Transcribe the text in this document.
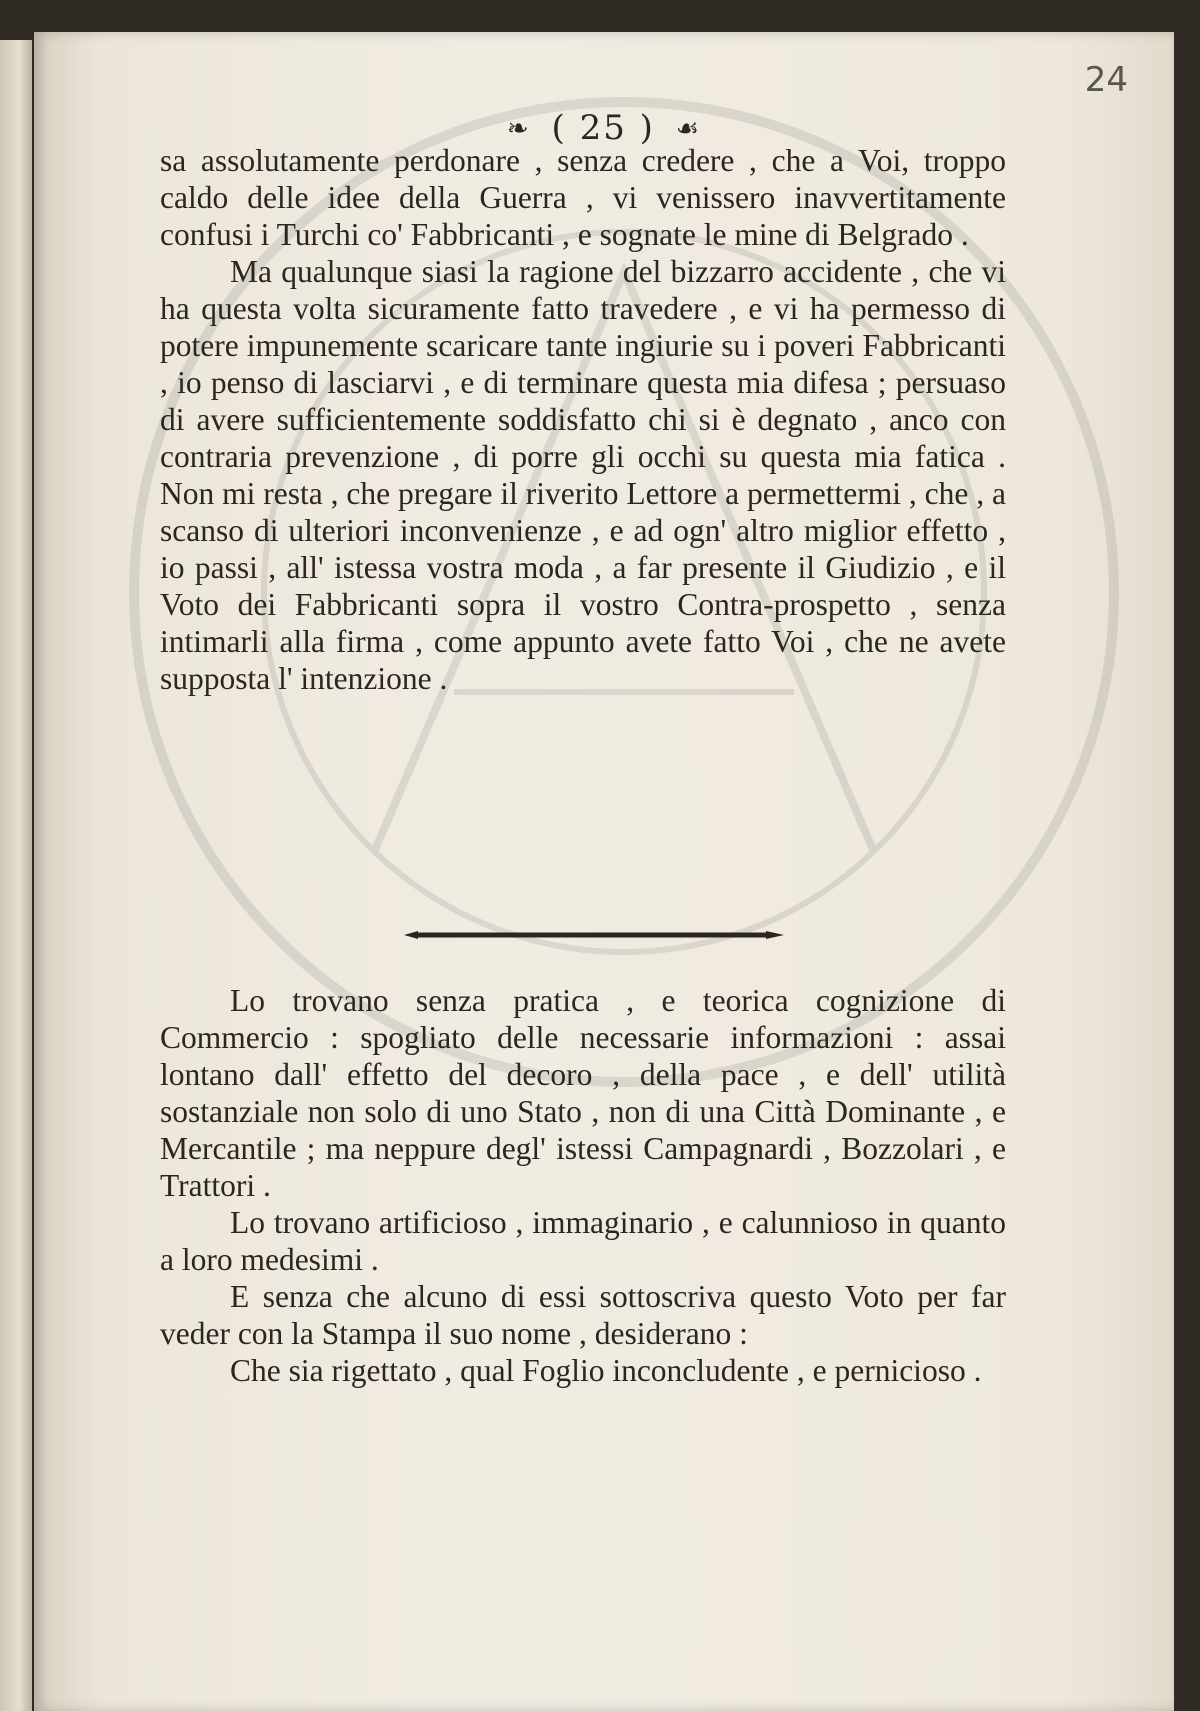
24
❧ ( 25 ) ☙

sa assolutamente perdonare , senza credere , che a Voi, troppo caldo delle idee della Guerra , vi venissero inavvertitamente confusi i Turchi co' Fabbricanti , e sognate le mine di Belgrado .

Ma qualunque siasi la ragione del bizzarro accidente , che vi ha questa volta sicuramente fatto travedere , e vi ha permesso di potere impunemente scaricare tante ingiurie su i poveri Fabbricanti , io penso di lasciarvi , e di terminare questa mia difesa ; persuaso di avere sufficientemente soddisfatto chi si è degnato , anco con contraria prevenzione , di porre gli occhi su questa mia fatica . Non mi resta , che pregare il riverito Lettore a permettermi , che , a scanso di ulteriori inconvenienze , e ad ogn' altro miglior effetto , io passi , all' istessa vostra moda , a far presente il Giudizio , e il Voto dei Fabbricanti sopra il vostro Contra-prospetto , senza intimarli alla firma , come appunto avete fatto Voi , che ne avete supposta l' intenzione .

Lo trovano senza pratica , e teorica cognizione di Commercio : spogliato delle necessarie informazioni : assai lontano dall' effetto del decoro , della pace , e dell' utilità sostanziale non solo di uno Stato , non di una Città Dominante , e Mercantile ; ma neppure degl' istessi Campagnardi , Bozzolari , e Trattori .

Lo trovano artificioso , immaginario , e calunnioso in quanto a loro medesimi .

E senza che alcuno di essi sottoscriva questo Voto per far veder con la Stampa il suo nome , desiderano :

Che sia rigettato , qual Foglio inconcludente , e pernicioso .
